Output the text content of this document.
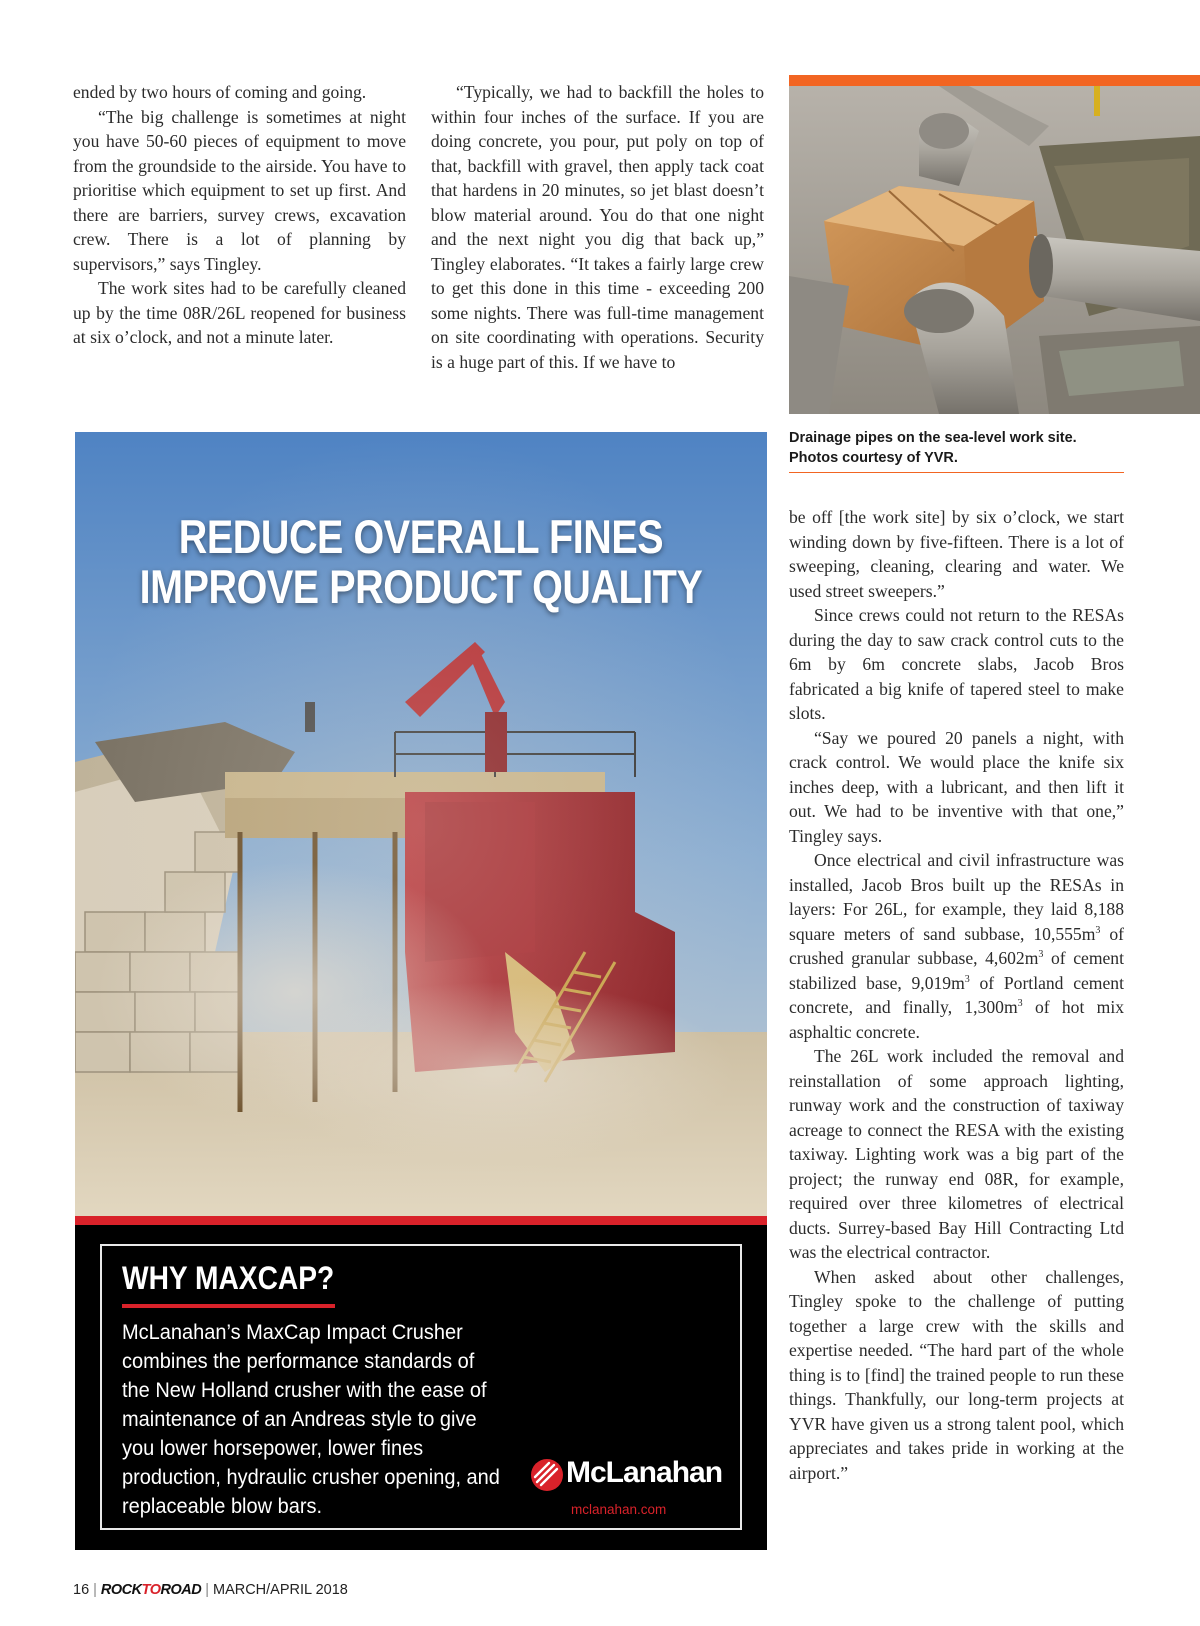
ended by two hours of coming and going.

“The big challenge is sometimes at night you have 50-60 pieces of equipment to move from the groundside to the airside. You have to prioritise which equipment to set up first. And there are barriers, survey crews, excavation crew. There is a lot of planning by supervisors,” says Tingley.

The work sites had to be carefully cleaned up by the time 08R/26L reopened for business at six o’clock, and not a minute later.

“Typically, we had to backfill the holes to within four inches of the surface. If you are doing concrete, you pour, put poly on top of that, backfill with gravel, then apply tack coat that hardens in 20 minutes, so jet blast doesn’t blow material around. You do that one night and the next night you dig that back up,” Tingley elaborates. “It takes a fairly large crew to get this done in this time - exceeding 200 some nights. There was full-time management on site coordinating with operations. Security is a huge part of this. If we have to

Drainage pipes on the sea-level work site.
Photos courtesy of YVR.
REDUCE OVERALL FINES
IMPROVE PRODUCT QUALITY
WHY MAXCAP?
McLanahan’s MaxCap Impact Crusher combines the performance standards of the New Holland crusher with the ease of maintenance of an Andreas style to give you lower horsepower, lower fines production, hydraulic crusher opening, and replaceable blow bars.
McLanahan
mclanahan.com

be off [the work site] by six o’clock, we start winding down by five-fifteen. There is a lot of sweeping, cleaning, clearing and water. We used street sweepers.”

Since crews could not return to the RESAs during the day to saw crack control cuts to the 6m by 6m concrete slabs, Jacob Bros fabricated a big knife of tapered steel to make slots.

“Say we poured 20 panels a night, with crack control. We would place the knife six inches deep, with a lubricant, and then lift it out. We had to be inventive with that one,” Tingley says.

Once electrical and civil infrastructure was installed, Jacob Bros built up the RESAs in layers: For 26L, for example, they laid 8,188 square meters of sand subbase, $10,555m^3$ of crushed granular subbase, $4,602m^3$ of cement stabilized base, $9,019m^3$ of Portland cement concrete, and finally, $1,300m^3$ of hot mix asphaltic concrete.

The 26L work included the removal and reinstallation of some approach lighting, runway work and the construction of taxiway acreage to connect the RESA with the existing taxiway. Lighting work was a big part of the project; the runway end 08R, for example, required over three kilometres of electrical ducts. Surrey-based Bay Hill Contracting Ltd was the electrical contractor.

When asked about other challenges, Tingley spoke to the challenge of putting together a large crew with the skills and expertise needed. “The hard part of the whole thing is to [find] the trained people to run these things. Thankfully, our long-term projects at YVR have given us a strong talent pool, which appreciates and takes pride in working at the airport.”

16 | ROCKTOROAD | MARCH/APRIL 2018
